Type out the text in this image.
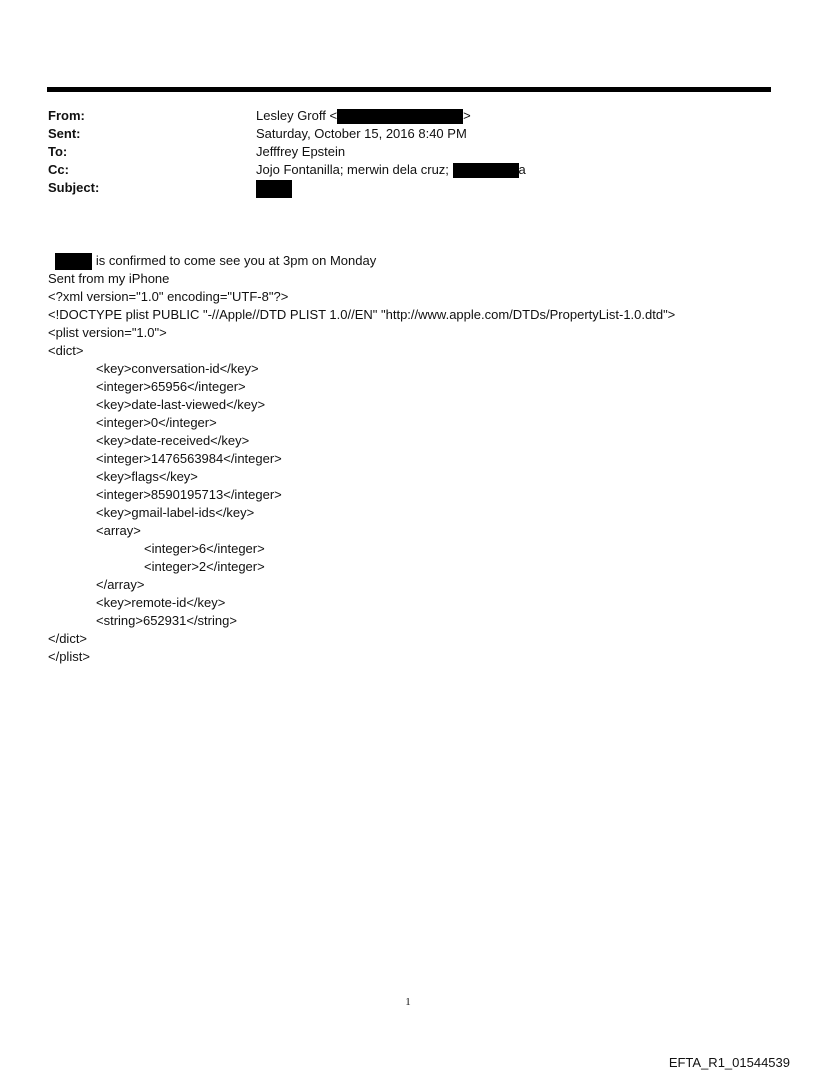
From:	Lesley Groff <	>
Sent:	Saturday, October 15, 2016 8:40 PM
To:	Jefffrey Epstein
Cc:	Jojo Fontanilla; merwin dela cruz;	a
Subject:

is confirmed to come see you at 3pm on Monday

Sent from my iPhone
<?xml version="1.0" encoding="UTF-8"?>
<!DOCTYPE plist PUBLIC "-//Apple//DTD PLIST 1.0//EN" "http://www.apple.com/DTDs/PropertyList-1.0.dtd">
<plist version="1.0">
<dict>
<key>conversation-id</key>
<integer>65956</integer>
<key>date-last-viewed</key>
<integer>0</integer>
<key>date-received</key>
<integer>1476563984</integer>
<key>flags</key>
<integer>8590195713</integer>
<key>gmail-label-ids</key>
<array>
<integer>6</integer>
<integer>2</integer>
</array>
<key>remote-id</key>
<string>652931</string>
</dict>
</plist>
1
EFTA_R1_01544539
